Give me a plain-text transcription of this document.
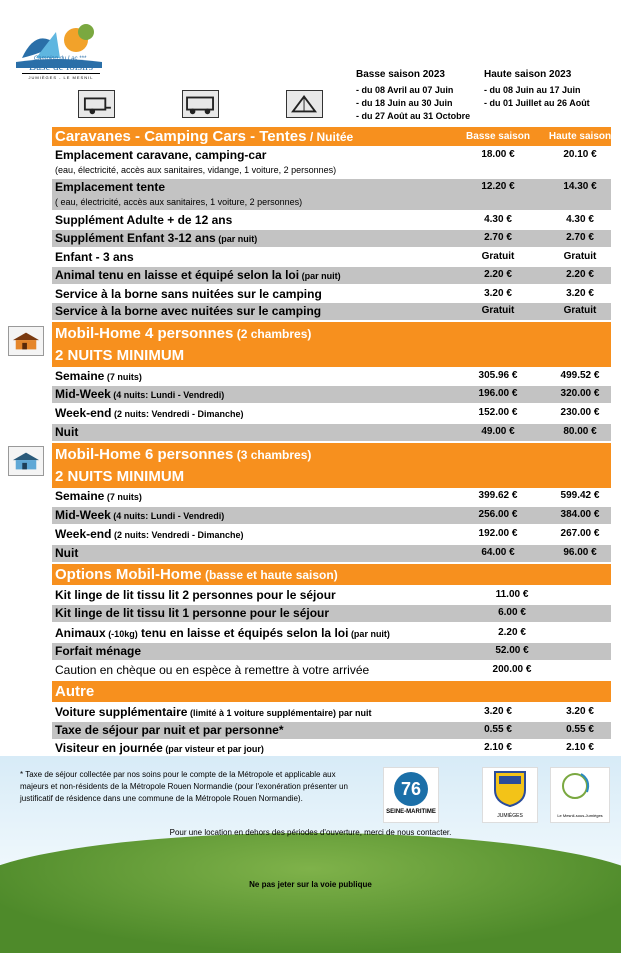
Camping du Lac ***
Base de loisirs
JUMIÈGES - LE MESNIL	Basse saison 2023
- du 08 Avril au 07 Juin
- du 18 Juin au 30 Juin
- du 27 Août au 31 Octobre
Haute saison 2023
- du 08 Juin au 17 Juin
- du 01 Juillet au 26 Août
Caravanes - Camping Cars - Tentes / Nuitée	Basse saison	Haute saison
Emplacement caravane, camping-car	18.00 €	20.10 €
(eau, électricité, accès aux sanitaires, vidange, 1 voiture, 2 personnes)
Emplacement tente	12.20 €	14.30 €
( eau, électricité, accès aux sanitaires, 1 voiture, 2 personnes)
Supplément Adulte + de 12 ans	4.30 €	4.30 €
Supplément Enfant 3-12 ans (par nuit)	2.70 €	2.70 €
Enfant - 3 ans	Gratuit	Gratuit
Animal tenu en laisse et équipé selon la loi (par nuit)	2.20 €	2.20 €
Service à la borne sans nuitées sur le camping	3.20 €	3.20 €
Service à la borne avec nuitées sur le camping	Gratuit	Gratuit
Mobil-Home 4 personnes (2 chambres)
2 NUITS MINIMUM
Semaine (7 nuits)	305.96 €	499.52 €
Mid-Week (4 nuits: Lundi - Vendredi)	196.00 €	320.00 €
Week-end (2 nuits: Vendredi - Dimanche)	152.00 €	230.00 €
Nuit	49.00 €	80.00 €
Mobil-Home 6 personnes (3 chambres)
2 NUITS MINIMUM
Semaine (7 nuits)	399.62 €	599.42 €
Mid-Week (4 nuits: Lundi - Vendredi)	256.00 €	384.00 €
Week-end (2 nuits: Vendredi - Dimanche)	192.00 €	267.00 €
Nuit	64.00 €	96.00 €
Options Mobil-Home (basse et haute saison)
Kit linge de lit tissu lit 2 personnes pour le séjour	11.00 €
Kit linge de lit tissu lit 1 personne pour le séjour	6.00 €
Animaux (-10kg) tenu en laisse et équipés selon la loi (par nuit)	2.20 €
Forfait ménage	52.00 €
Caution en chèque ou en espèce à remettre à votre arrivée	200.00 €
Autre
Voiture supplémentaire (limité à 1 voiture supplémentaire) par nuit	3.20 €	3.20 €
Taxe de séjour par nuit et par personne*	0.55 €	0.55 €
Visiteur en journée (par visteur et par jour)	2.10 €	2.10 €
* Taxe de séjour collectée par nos soins pour le compte de la Métropole et applicable aux majeurs et non-résidents de la Métropole Rouen Normandie (pour l'exonération présenter un justificatif de résidence dans une commune de la Métropole Rouen Normandie).	76
SEINE-MARITIME
JUMIÈGES	Le Mesnil-sous-Jumièges
Pour une location en dehors des périodes d'ouverture, merci de nous contacter.
Ne pas jeter sur la voie publique
